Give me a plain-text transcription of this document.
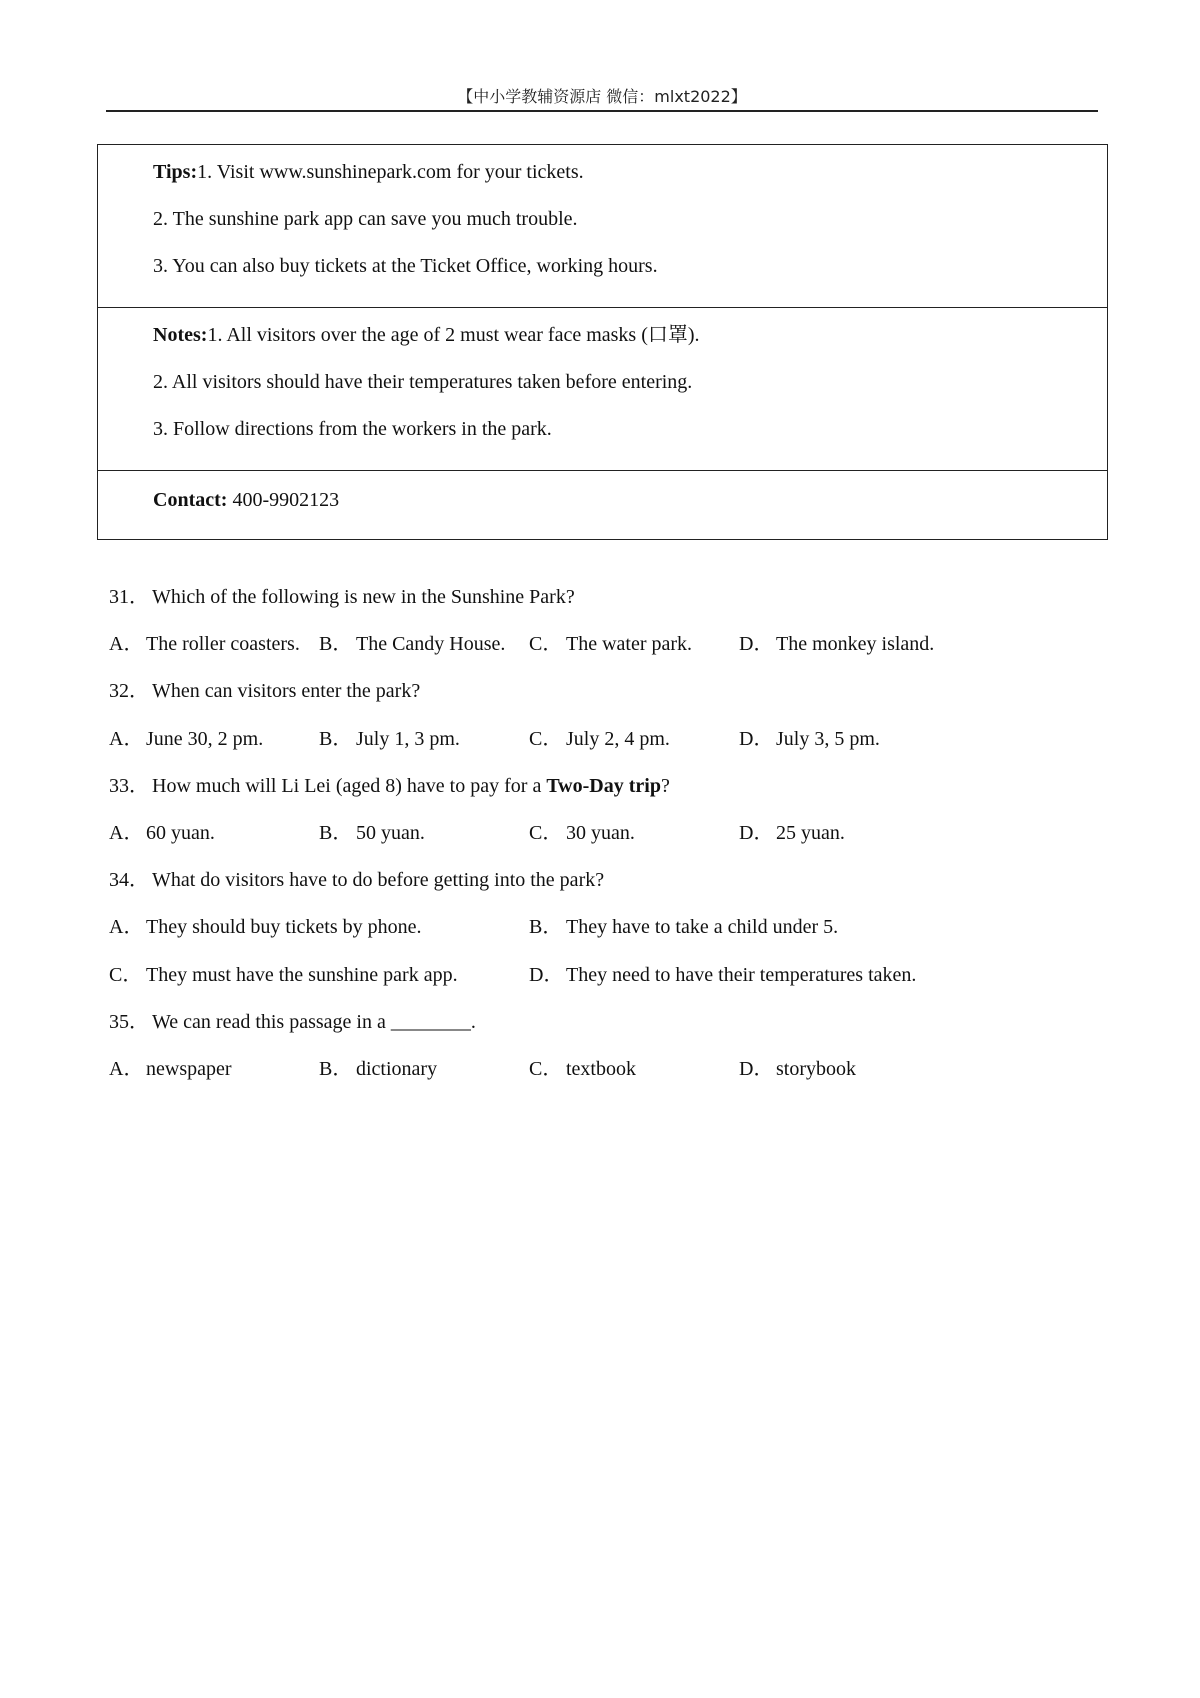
【中小学教辅资源店 微信：mlxt2022】
Tips:1. Visit www.sunshinepark.com for your tickets.
2. The sunshine park app can save you much trouble.
3. You can also buy tickets at the Ticket Office, working hours.
Notes:1. All visitors over the age of 2 must wear face masks (口罩).
2. All visitors should have their temperatures taken before entering.
3. Follow directions from the workers in the park.
Contact: 400-9902123
31． Which of the following is new in the Sunshine Park?
A． The roller coasters. B． The Candy House. C． The water park. D． The monkey island.
32． When can visitors enter the park?
A． June 30, 2 pm.	B． July 1, 3 pm.	C． July 2, 4 pm.	D． July 3, 5 pm.
33． How much will Li Lei (aged 8) have to pay for a Two-Day trip?
A． 60 yuan.	B． 50 yuan.	C． 30 yuan.	D． 25 yuan.
34． What do visitors have to do before getting into the park?
A． They should buy tickets by phone.	B． They have to take a child under 5.
C． They must have the sunshine park app.	D． They need to have their temperatures taken.
35． We can read this passage in a ________.
A． newspaper	B． dictionary	C． textbook	D． storybook
